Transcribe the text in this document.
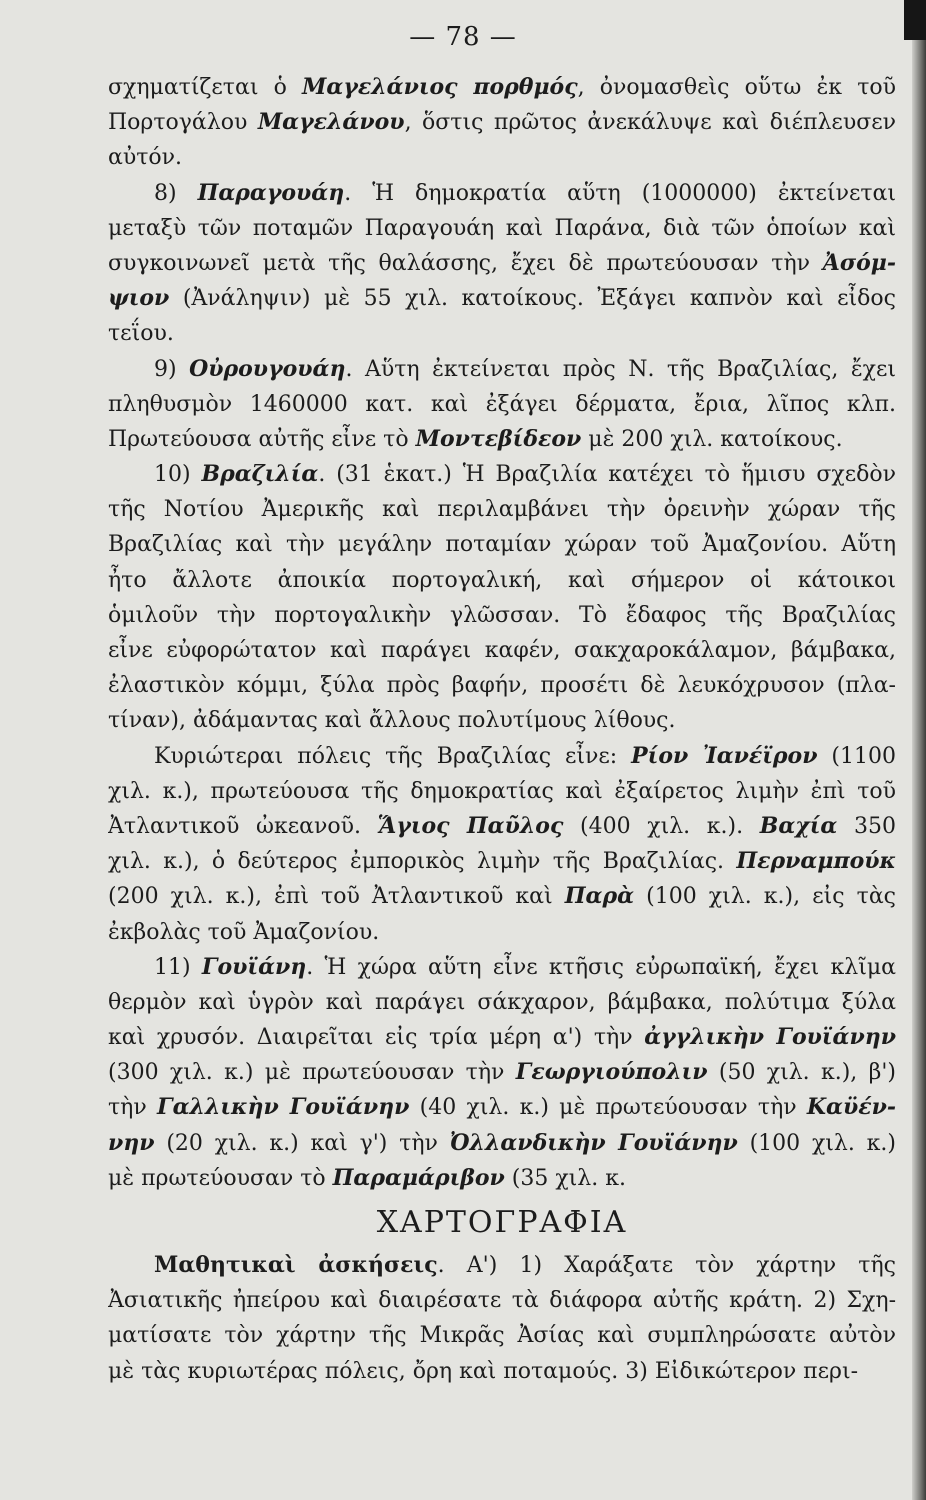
— 78 —
σχηματίζεται ὁ Μαγελάνιος πορθμός, ὀνομασθεὶς οὕτω ἐκ τοῦ
Πορτογάλου Μαγελάνου, ὅστις πρῶτος ἀνεκάλυψε καὶ διέπλευσεν
αὐτόν.
8) Παραγουάη. Ἡ δημοκρατία αὕτη (1000000) ἐκτείνεται
μεταξὺ τῶν ποταμῶν Παραγουάη καὶ Παράνα, διὰ τῶν ὁποίων καὶ
συγκοινωνεῖ μετὰ τῆς θαλάσσης, ἔχει δὲ πρωτεύουσαν τὴν Ἀσόμ-
ψιον (Ἀνάληψιν) μὲ 55 χιλ. κατοίκους. Ἐξάγει καπνὸν καὶ εἶδος
τεΐου.
9) Οὐρουγουάη. Αὕτη ἐκτείνεται πρὸς Ν. τῆς Βραζιλίας, ἔχει
πληθυσμὸν 1460000 κατ. καὶ ἐξάγει δέρματα, ἔρια, λῖπος κλπ.
Πρωτεύουσα αὐτῆς εἶνε τὸ Μοντεβίδεον μὲ 200 χιλ. κατοίκους.
10) Βραζιλία. (31 ἑκατ.) Ἡ Βραζιλία κατέχει τὸ ἥμισυ σχεδὸν
τῆς Νοτίου Ἀμερικῆς καὶ περιλαμβάνει τὴν ὀρεινὴν χώραν τῆς
Βραζιλίας καὶ τὴν μεγάλην ποταμίαν χώραν τοῦ Ἀμαζονίου. Αὕτη
ἦτο ἄλλοτε ἀποικία πορτογαλική, καὶ σήμερον οἱ κάτοικοι
ὁμιλοῦν τὴν πορτογαλικὴν γλῶσσαν. Τὸ ἔδαφος τῆς Βραζιλίας
εἶνε εὐφορώτατον καὶ παράγει καφέν, σακχαροκάλαμον, βάμβακα,
ἐλαστικὸν κόμμι, ξύλα πρὸς βαφήν, προσέτι δὲ λευκόχρυσον (πλα-
τίναν), ἀδάμαντας καὶ ἄλλους πολυτίμους λίθους.
Κυριώτεραι πόλεις τῆς Βραζιλίας εἶνε: Ρίον Ἰανέϊρον (1100
χιλ. κ.), πρωτεύουσα τῆς δημοκρατίας καὶ ἐξαίρετος λιμὴν ἐπὶ τοῦ
Ἀτλαντικοῦ ὠκεανοῦ. Ἅγιος Παῦλος (400 χιλ. κ.). Βαχία 350
χιλ. κ.), ὁ δεύτερος ἐμπορικὸς λιμὴν τῆς Βραζιλίας. Περναμπούκ
(200 χιλ. κ.), ἐπὶ τοῦ Ἀτλαντικοῦ καὶ Παρὰ (100 χιλ. κ.), εἰς τὰς
ἐκβολὰς τοῦ Ἀμαζονίου.
11) Γουϊάνη. Ἡ χώρα αὕτη εἶνε κτῆσις εὐρωπαϊκή, ἔχει κλῖμα
θερμὸν καὶ ὑγρὸν καὶ παράγει σάκχαρον, βάμβακα, πολύτιμα ξύλα
καὶ χρυσόν. Διαιρεῖται εἰς τρία μέρη α') τὴν ἀγγλικὴν Γουϊάνην
(300 χιλ. κ.) μὲ πρωτεύουσαν τὴν Γεωργιούπολιν (50 χιλ. κ.), β')
τὴν Γαλλικὴν Γουϊάνην (40 χιλ. κ.) μὲ πρωτεύουσαν τὴν Καϋέν-
νην (20 χιλ. κ.) καὶ γ') τὴν Ὀλλανδικὴν Γουϊάνην (100 χιλ. κ.)
μὲ πρωτεύουσαν τὸ Παραμάριβον (35 χιλ. κ.
ΧΑΡΤΟΓΡΑΦΙΑ
Μαθητικαὶ ἀσκήσεις. Α') 1) Χαράξατε τὸν χάρτην τῆς
Ἀσιατικῆς ἠπείρου καὶ διαιρέσατε τὰ διάφορα αὐτῆς κράτη. 2) Σχη-
ματίσατε τὸν χάρτην τῆς Μικρᾶς Ἀσίας καὶ συμπληρώσατε αὐτὸν
μὲ τὰς κυριωτέρας πόλεις, ὄρη καὶ ποταμούς. 3) Εἰδικώτερον περι-
